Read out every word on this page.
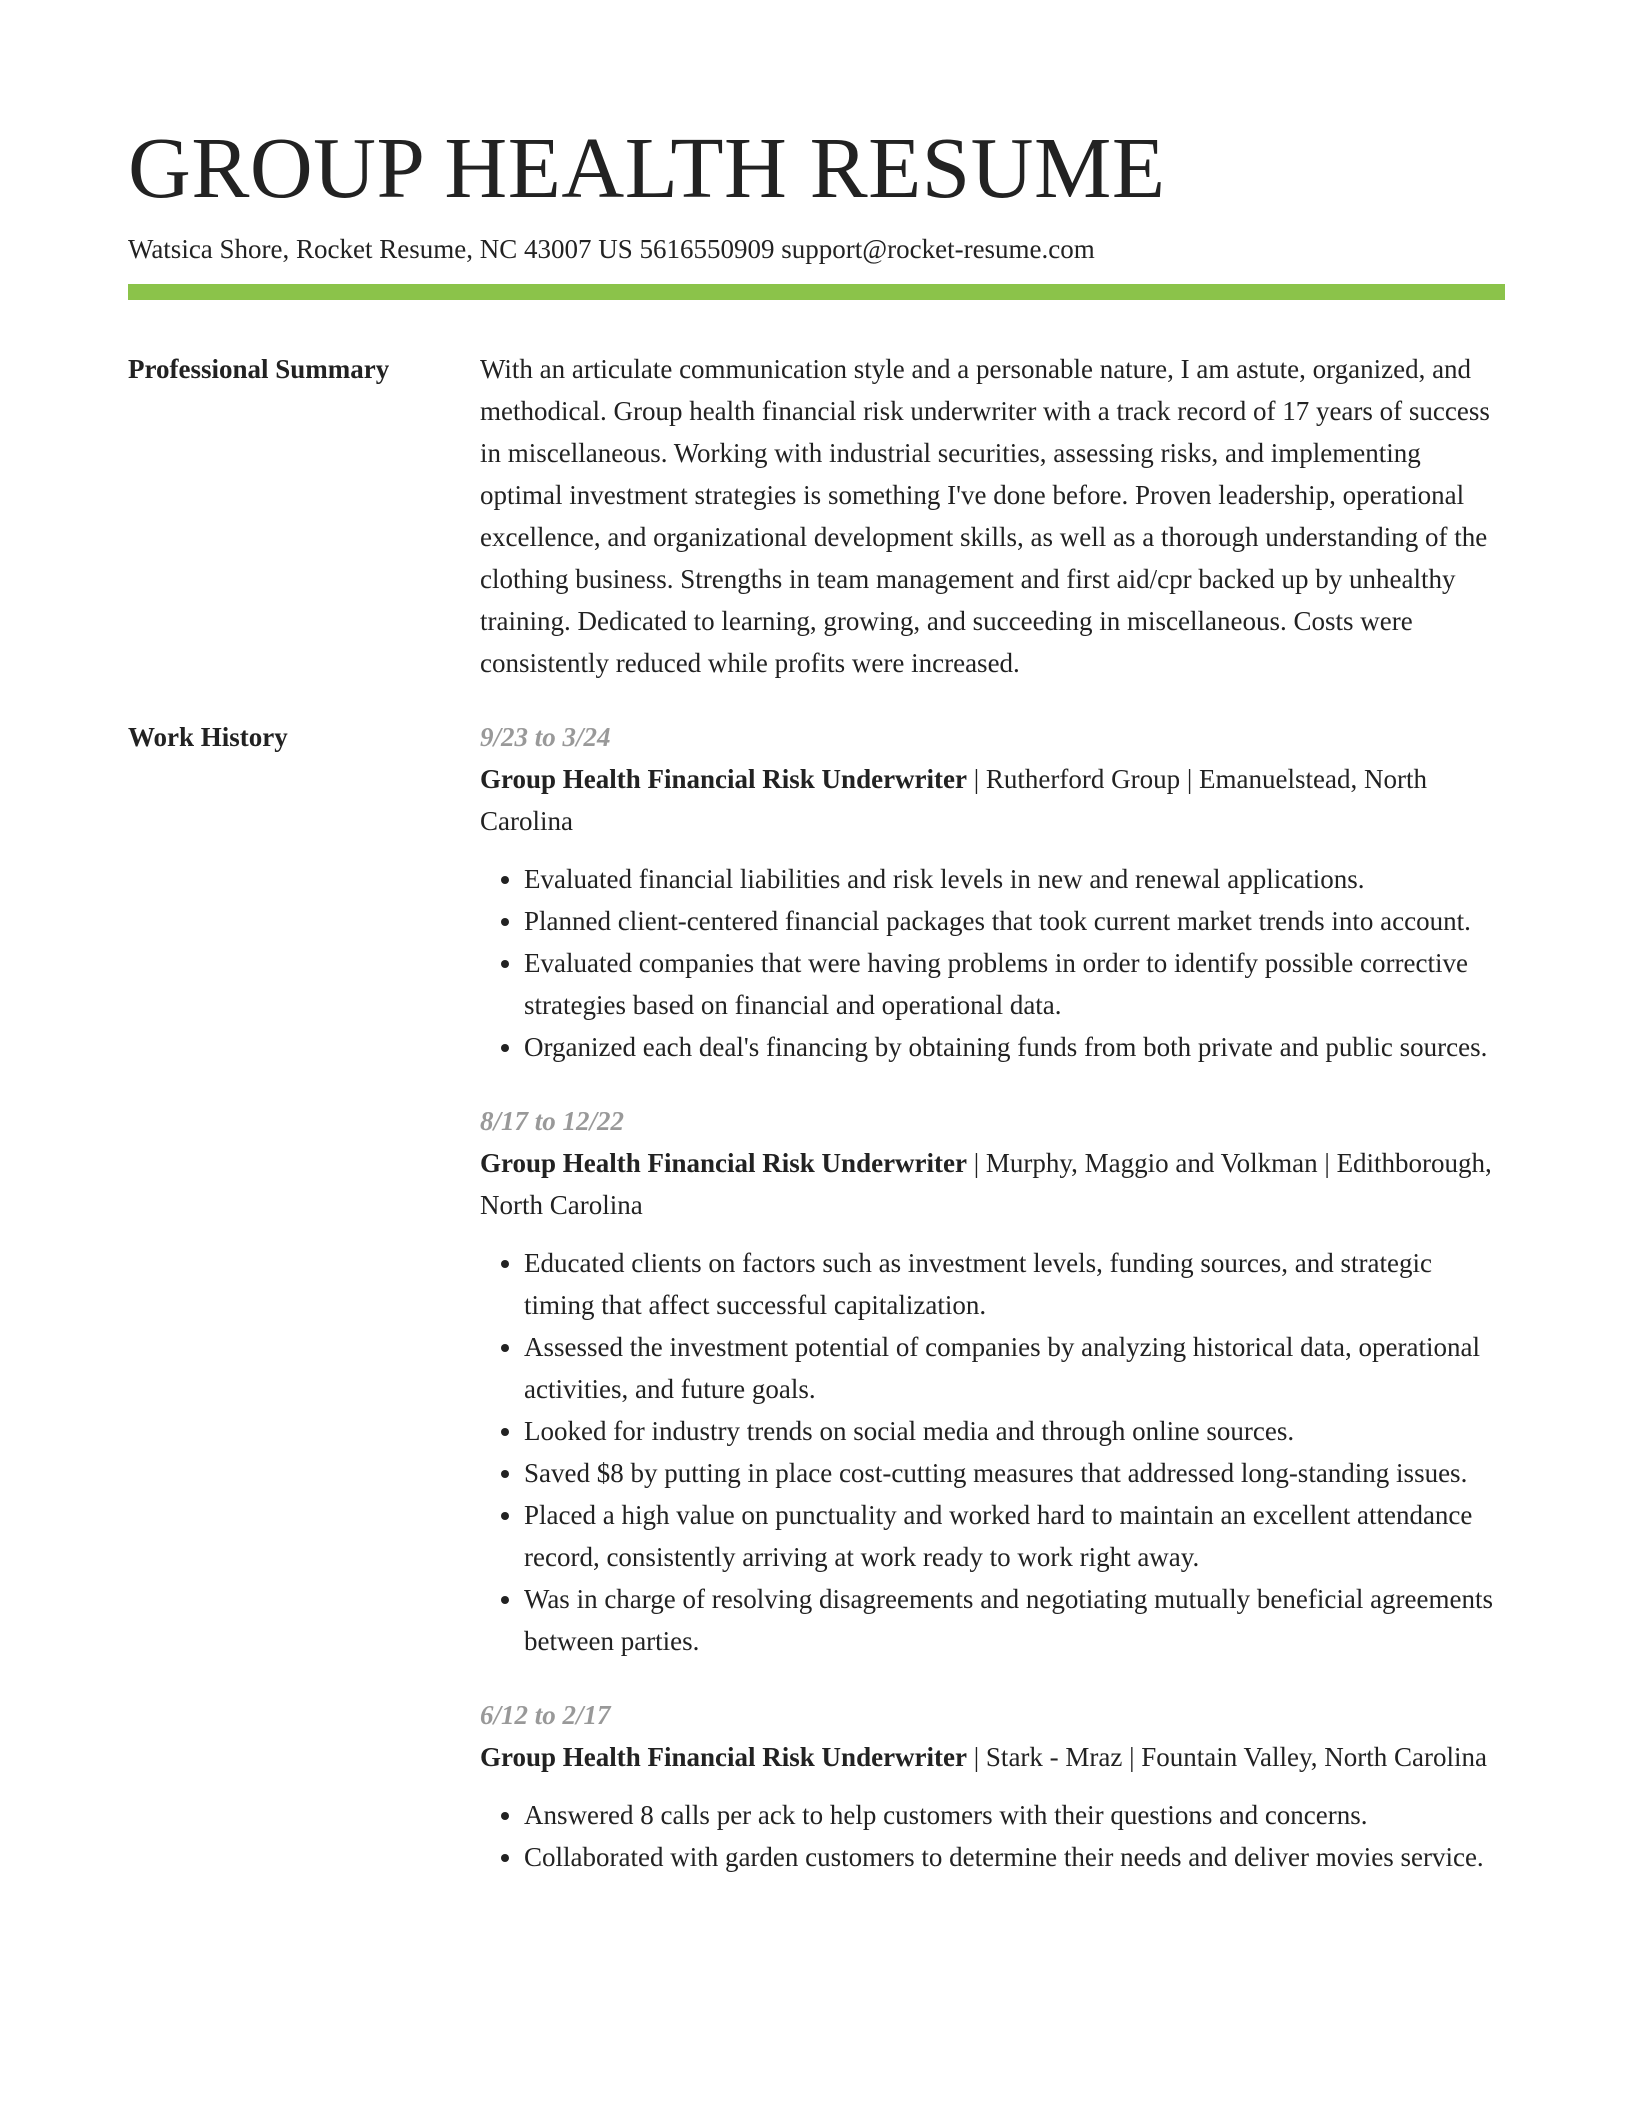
GROUP HEALTH RESUME
Watsica Shore, Rocket Resume, NC 43007 US 5616550909 support@rocket-resume.com
Professional Summary	With an articulate communication style and a personable nature, I am astute, organized, and methodical. Group health financial risk underwriter with a track record of 17 years of success in miscellaneous. Working with industrial securities, assessing risks, and implementing optimal investment strategies is something I've done before. Proven leadership, operational excellence, and organizational development skills, as well as a thorough understanding of the clothing business. Strengths in team management and first aid/cpr backed up by unhealthy training. Dedicated to learning, growing, and succeeding in miscellaneous. Costs were consistently reduced while profits were increased.
Work History	9/23 to 3/24
Group Health Financial Risk Underwriter | Rutherford Group | Emanuelstead, North Carolina
• Evaluated financial liabilities and risk levels in new and renewal applications.
• Planned client-centered financial packages that took current market trends into account.
• Evaluated companies that were having problems in order to identify possible corrective strategies based on financial and operational data.
• Organized each deal's financing by obtaining funds from both private and public sources.
8/17 to 12/22
Group Health Financial Risk Underwriter | Murphy, Maggio and Volkman | Edithborough, North Carolina
• Educated clients on factors such as investment levels, funding sources, and strategic timing that affect successful capitalization.
• Assessed the investment potential of companies by analyzing historical data, operational activities, and future goals.
• Looked for industry trends on social media and through online sources.
• Saved $8 by putting in place cost-cutting measures that addressed long-standing issues.
• Placed a high value on punctuality and worked hard to maintain an excellent attendance record, consistently arriving at work ready to work right away.
• Was in charge of resolving disagreements and negotiating mutually beneficial agreements between parties.
6/12 to 2/17
Group Health Financial Risk Underwriter | Stark - Mraz | Fountain Valley, North Carolina
• Answered 8 calls per ack to help customers with their questions and concerns.
• Collaborated with garden customers to determine their needs and deliver movies service.
